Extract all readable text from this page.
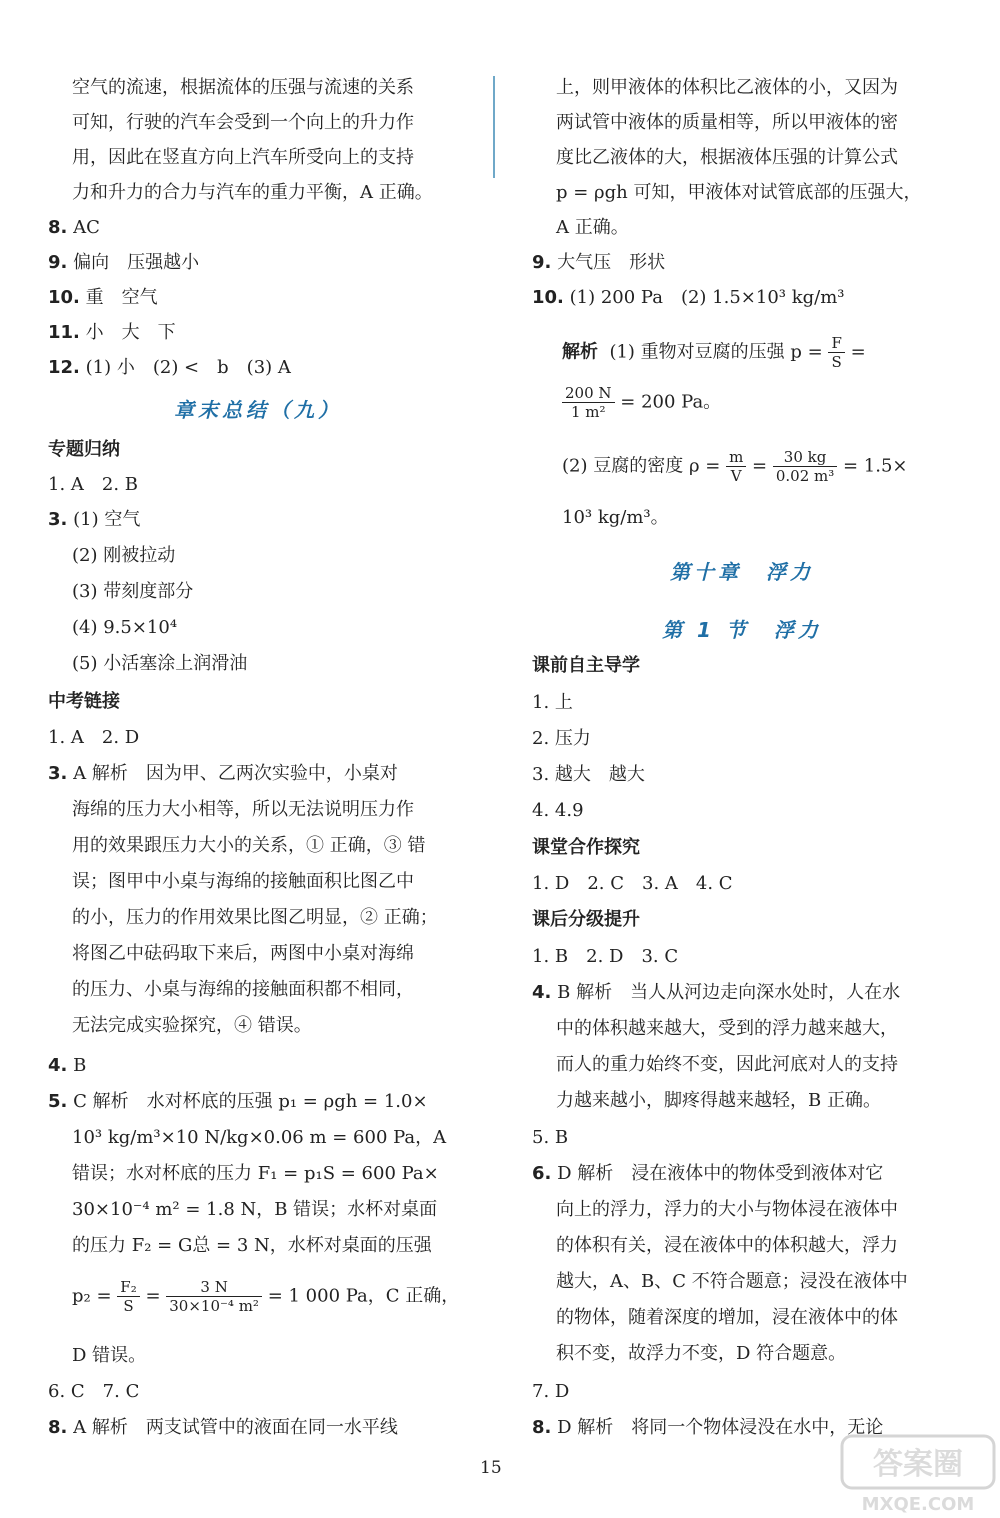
空气的流速，根据流体的压强与流速的关系
可知，行驶的汽车会受到一个向上的升力作
用，因此在竖直方向上汽车所受向上的支持
力和升力的合力与汽车的重力平衡，A 正确。
8. AC
9. 偏向　压强越小
10. 重　空气
11. 小　大　下
12. (1) 小　(2) <　b　(3) A
章末总结（九）
专题归纳
1. A　2. B
3. (1) 空气
(2) 刚被拉动
(3) 带刻度部分
(4) 9.5×10⁴
(5) 小活塞涂上润滑油
中考链接
1. A　2. D
3. A 解析　因为甲、乙两次实验中，小桌对
海绵的压力大小相等，所以无法说明压力作
用的效果跟压力大小的关系，① 正确，③ 错
误；图甲中小桌与海绵的接触面积比图乙中
的小，压力的作用效果比图乙明显，② 正确；
将图乙中砝码取下来后，两图中小桌对海绵
的压力、小桌与海绵的接触面积都不相同，
无法完成实验探究，④ 错误。
4. B
5. C 解析　水对杯底的压强 p₁ = ρgh = 1.0×
10³ kg/m³×10 N/kg×0.06 m = 600 Pa，A
错误；水对杯底的压力 F₁ = p₁S = 600 Pa×
30×10⁻⁴ m² = 1.8 N，B 错误；水杯对桌面
的压力 F₂ = G总 = 3 N，水杯对桌面的压强
$p_2 = \frac{\text{F₂}}{S} = \frac{3 N}{\text{30×10⁻⁴ m²}} = 1$ 000 Pa，C 正确，
D 错误。
6. C　7. C
8. A 解析　两支试管中的液面在同一水平线
上，则甲液体的体积比乙液体的小，又因为
两试管中液体的质量相等，所以甲液体的密
度比乙液体的大，根据液体压强的计算公式
p = ρgh 可知，甲液体对试管底部的压强大，
A 正确。
9. 大气压　形状
10. (1) 200 Pa　(2) 1.5×10³ kg/m³
解析 (1) 重物对豆腐的压强 $p = \frac{F}{S}$ =
$\frac{200 N}{\text{1 m²}} = 200$ Pa。
(2) 豆腐的密度 $\rho = \frac{m}{V} = \frac{30 kg}{\text{0.02 m³}} = 1.5\times$
10³ kg/m³。
第十章　浮力
第 1 节　浮力
课前自主导学
1. 上
2. 压力
3. 越大　越大
4. 4.9
课堂合作探究
1. D　2. C　3. A　4. C
课后分级提升
1. B　2. D　3. C
4. B 解析　当人从河边走向深水处时，人在水
中的体积越来越大，受到的浮力越来越大，
而人的重力始终不变，因此河底对人的支持
力越来越小，脚疼得越来越轻，B 正确。
5. B
6. D 解析　浸在液体中的物体受到液体对它
向上的浮力，浮力的大小与物体浸在液体中
的体积有关，浸在液体中的体积越大，浮力
越大，A、B、C 不符合题意；浸没在液体中
的物体，随着深度的增加，浸在液体中的体
积不变，故浮力不变，D 符合题意。
7. D
8. D 解析　将同一个物体浸没在水中，无论
15	答案圈
MXQE.COM
